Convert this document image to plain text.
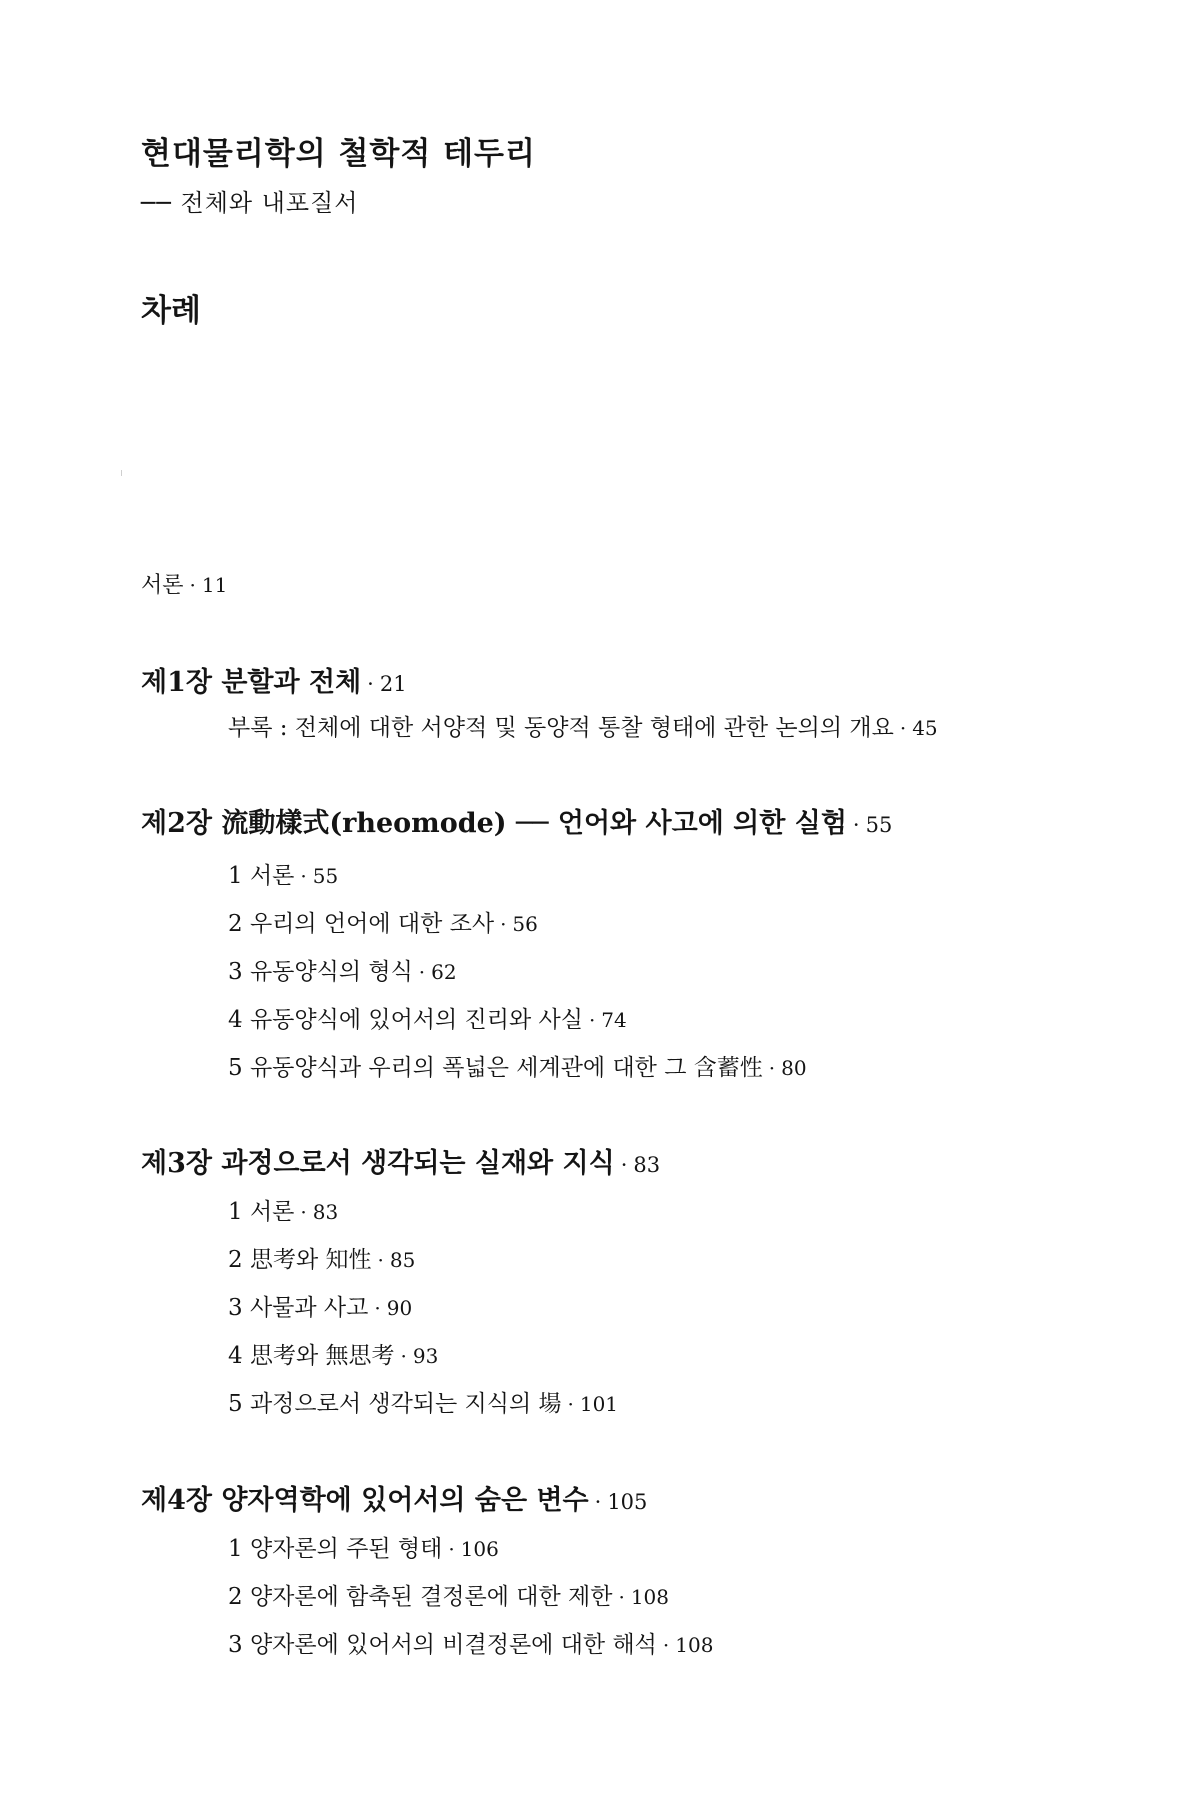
현대물리학의 철학적 테두리
── 전체와 내포질서
차례
서론 · 11
제1장 분할과 전체 · 21
부록 : 전체에 대한 서양적 및 동양적 통찰 형태에 관한 논의의 개요 · 45
제2장 流動樣式(rheomode) ── 언어와 사고에 의한 실험 · 55
1 서론 · 55
2 우리의 언어에 대한 조사 · 56
3 유동양식의 형식 · 62
4 유동양식에 있어서의 진리와 사실 · 74
5 유동양식과 우리의 폭넓은 세계관에 대한 그 含蓄性 · 80
제3장 과정으로서 생각되는 실재와 지식 · 83
1 서론 · 83
2 思考와 知性 · 85
3 사물과 사고 · 90
4 思考와 無思考 · 93
5 과정으로서 생각되는 지식의 場 · 101
제4장 양자역학에 있어서의 숨은 변수 · 105
1 양자론의 주된 형태 · 106
2 양자론에 함축된 결정론에 대한 제한 · 108
3 양자론에 있어서의 비결정론에 대한 해석 · 108
